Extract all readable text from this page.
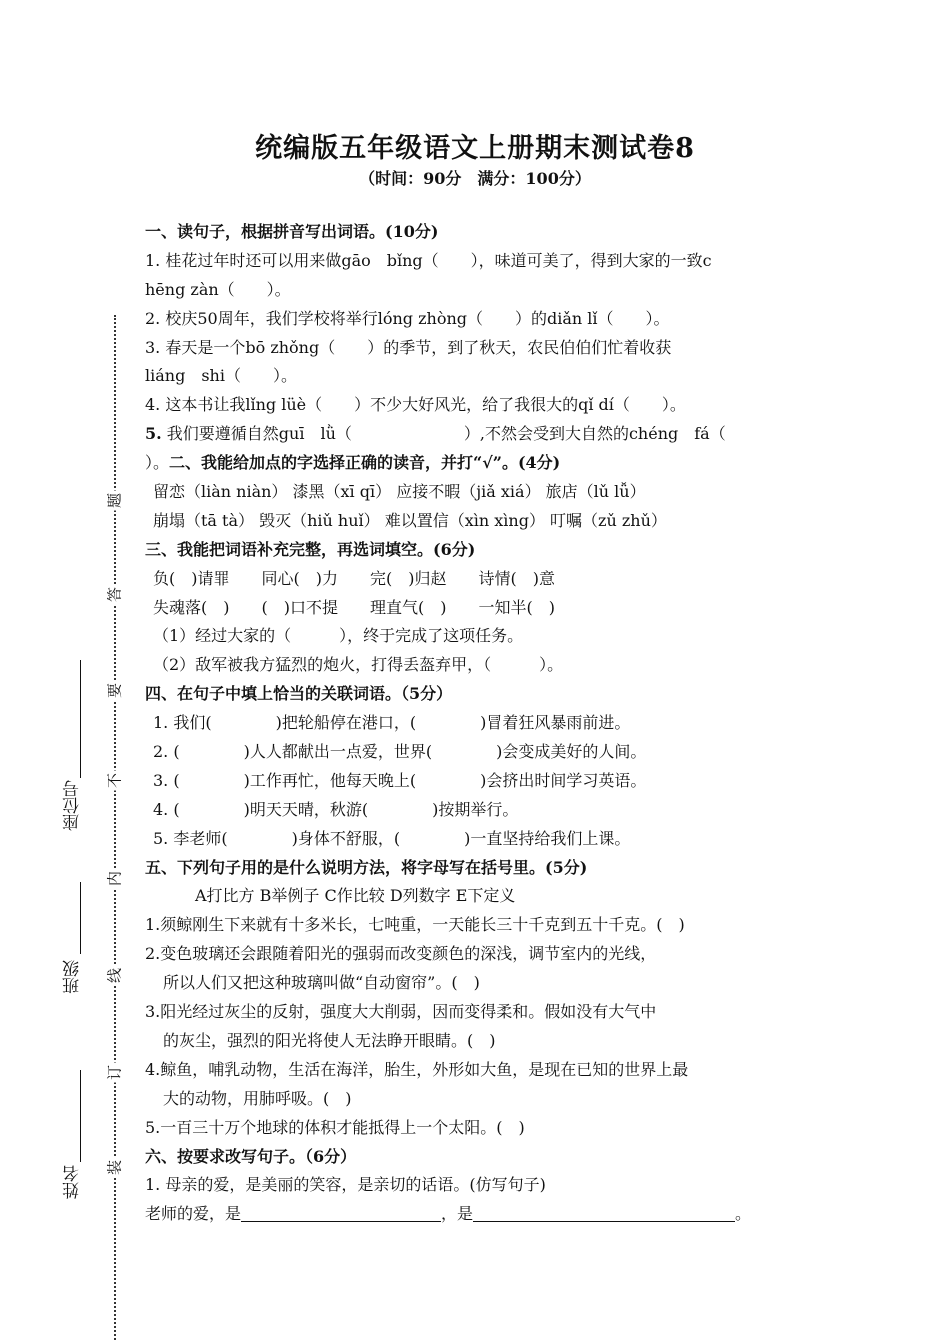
统编版五年级语文上册期末测试卷8
（时间：90分　满分：100分）
题
答
要
不
内
线
订
装
座位号
班级
姓名
一、读句子，根据拼音写出词语。(10分)
1. 桂花过年时还可以用来做gāo　bǐng（　　），味道可美了，得到大家的一致c
hēng zàn（　　）。
2. 校庆50周年，我们学校将举行lóng zhòng（　　）的diǎn lǐ（　　）。
3. 春天是一个bō zhǒng（　　）的季节，到了秋天，农民伯伯们忙着收获
liáng　shi（　　）。
4. 这本书让我lǐng lüè（　　）不少大好风光，给了我很大的qǐ dí（　　）。
5. 我们要遵循自然guī　lǜ（　　　　　　　）,不然会受到大自然的chéng　fá（
）。二、我能给加点的字选择正确的读音，并打“√”。(4分)
留恋（liàn niàn） 漆黑（xī qī） 应接不暇（jiǎ xiá） 旅店（lǔ lǚ）
崩塌（tā tà） 毁灭（hiǔ huǐ） 难以置信（xìn xìng） 叮嘱（zǔ zhǔ）
三、我能把词语补充完整，再选词填空。(6分)
负(　)请罪　　同心(　)力　　完(　)归赵　　诗情(　)意
失魂落(　)　　(　)口不提　　理直气(　)　　一知半(　)
（1）经过大家的（　　　），终于完成了这项任务。
（2）敌军被我方猛烈的炮火，打得丢盔弃甲，（　　　）。
四、在句子中填上恰当的关联词语。（5分）
1. 我们(　　　　)把轮船停在港口，(　　　　)冒着狂风暴雨前进。
2. (　　　　)人人都献出一点爱，世界(　　　　)会变成美好的人间。
3. (　　　　)工作再忙，他每天晚上(　　　　)会挤出时间学习英语。
4. (　　　　)明天天晴，秋游(　　　　)按期举行。
5. 李老师(　　　　)身体不舒服，(　　　　)一直坚持给我们上课。
五、下列句子用的是什么说明方法，将字母写在括号里。(5分)
A打比方 B举例子 C作比较 D列数字 E下定义
1.须鲸刚生下来就有十多米长，七吨重，一天能长三十千克到五十千克。(　)
2.变色玻璃还会跟随着阳光的强弱而改变颜色的深浅，调节室内的光线，
所以人们又把这种玻璃叫做“自动窗帘”。(　)
3.阳光经过灰尘的反射，强度大大削弱，因而变得柔和。假如没有大气中
的灰尘，强烈的阳光将使人无法睁开眼睛。(　)
4.鲸鱼，哺乳动物，生活在海洋，胎生，外形如大鱼，是现在已知的世界上最
大的动物，用肺呼吸。(　)
5.一百三十万个地球的体积才能抵得上一个太阳。(　)
六、按要求改写句子。（6分）
1. 母亲的爱，是美丽的笑容，是亲切的话语。(仿写句子)
老师的爱，是	，是	。
